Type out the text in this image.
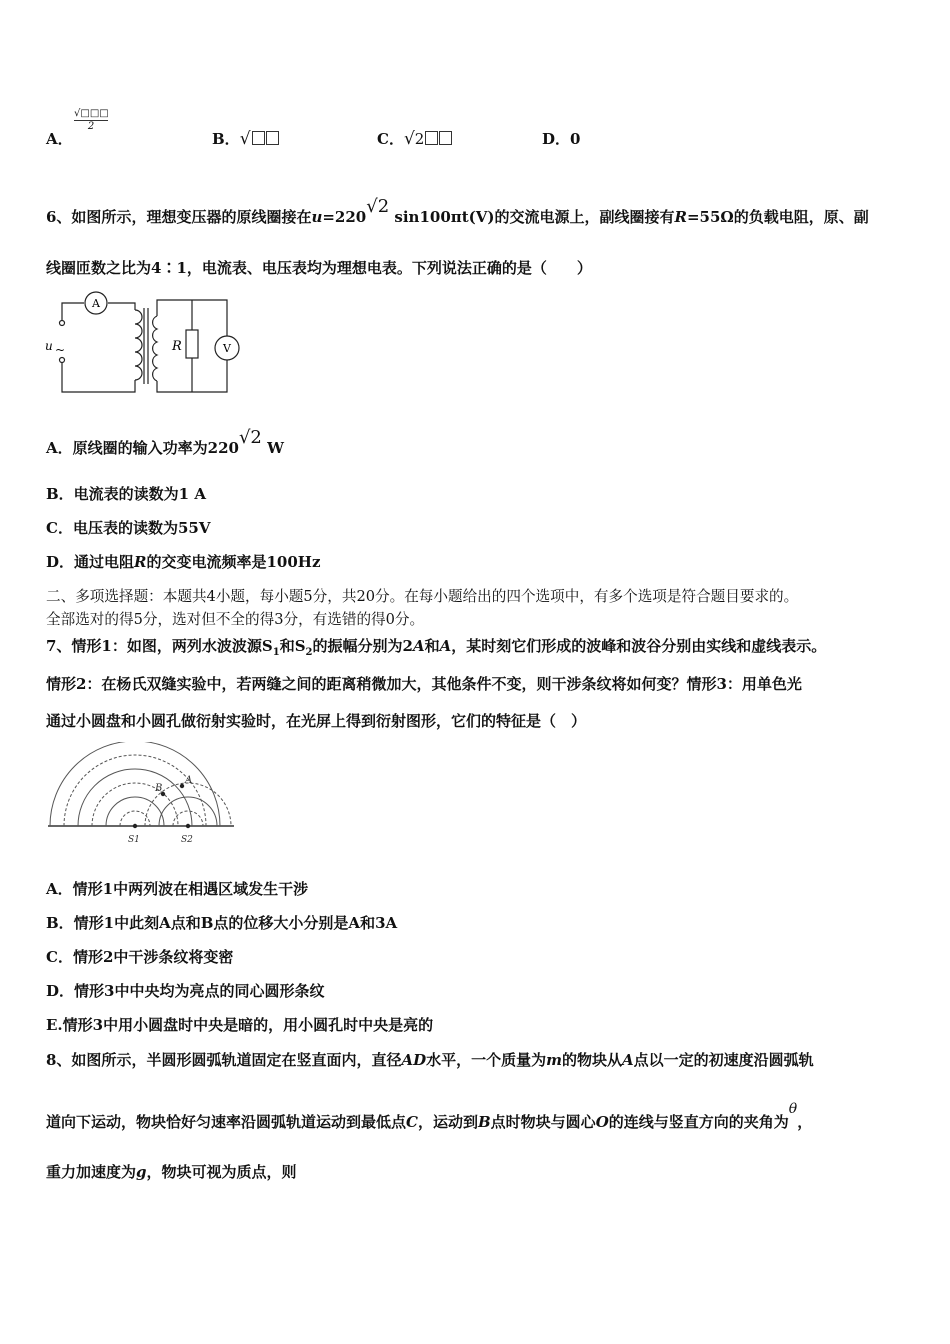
A．
√□□□
2
B．√	C．√2	D．0
6、如图所示，理想变压器的原线圈接在u=220√2 sin100πt(V)的交流电源上，副线圈接有R=55Ω的负载电阻，原、副
线圈匝数之比为4∶1，电流表、电压表均为理想电表。下列说法正确的是（　　）
A
V
R
u ~
A．原线圈的输入功率为220√2 W
B．电流表的读数为1 A
C．电压表的读数为55V
D．通过电阻R的交变电流频率是100Hz
二、多项选择题：本题共4小题，每小题5分，共20分。在每小题给出的四个选项中，有多个选项是符合题目要求的。
全部选对的得5分，选对但不全的得3分，有选错的得0分。
7、情形1：如图，两列水波波源$S_1$和$S_2$的振幅分别为2A和A，某时刻它们形成的波峰和波谷分别由实线和虚线表示。
情形2：在杨氏双缝实验中，若两缝之间的距离稍微加大，其他条件不变，则干涉条纹将如何变？情形3：用单色光
通过小圆盘和小圆孔做衍射实验时，在光屏上得到衍射图形，它们的特征是（　）
A
B
S1	S2
A．情形1中两列波在相遇区域发生干涉
B．情形1中此刻A点和B点的位移大小分别是A和3A
C．情形2中干涉条纹将变密
D．情形3中中央均为亮点的同心圆形条纹
E.情形3中用小圆盘时中央是暗的，用小圆孔时中央是亮的
8、如图所示，半圆形圆弧轨道固定在竖直面内，直径AD水平，一个质量为m的物块从A点以一定的初速度沿圆弧轨
道向下运动，物块恰好匀速率沿圆弧轨道运动到最低点C，运动到B点时物块与圆心O的连线与竖直方向的夹角为θ，
重力加速度为g，物块可视为质点，则
